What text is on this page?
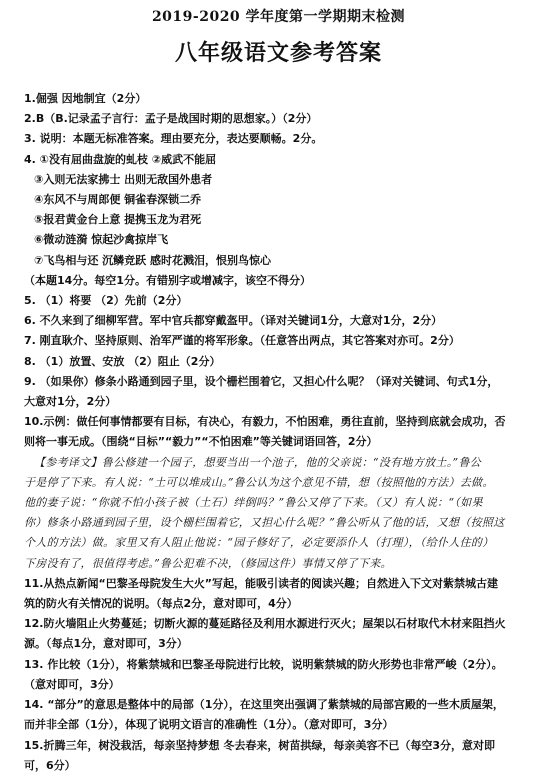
2019-2020 学年度第一学期期末检测
八年级语文参考答案
1.倔强 因地制宜（2分）
2.B（B.记录孟子言行：孟子是战国时期的思想家。）（2分）
3. 说明：本题无标准答案。理由要充分，表达要顺畅。2分。
4. ①没有屈曲盘旋的虬枝 ②威武不能屈
③入则无法家拂士 出则无敌国外患者
④东风不与周郎便 铜雀春深锁二乔
⑤报君黄金台上意 提携玉龙为君死
⑥微动涟漪 惊起沙禽掠岸飞
⑦飞鸟相与还 沉鳞竞跃 感时花溅泪，恨别鸟惊心
（本题14分。每空1分。有错别字或增减字，该空不得分）
5. （1）将要 （2）先前（2分）
6. 不久来到了细柳军营。军中官兵都穿戴盔甲。（译对关键词1分，大意对1分，2分）
7. 刚直耿介、坚持原则、治军严谨的将军形象。（任意答出两点，其它答案对亦可。2分）
8. （1）放置、安放 （2）阻止（2分）
9. （如果你）修条小路通到园子里，设个栅栏围着它，又担心什么呢？（译对关键词、句式1分，
大意对1分，2分）
10.示例：做任何事情都要有目标，有决心，有毅力，不怕困难，勇往直前，坚持到底就会成功，否
则将一事无成。（围绕“目标”“毅力”“不怕困难”等关键词语回答，2分）
【参考译文】鲁公修建一个园子，想要当出一个池子，他的父亲说：“没有地方放土。”鲁公
于是停了下来。有人说：“土可以堆成山。”鲁公认为这个意见不错，想（按照他的方法）去做。
他的妻子说：“你就不怕小孩子被（土石）绊倒吗？”鲁公又停了下来。（又）有人说：“（如果
你）修条小路通到园子里，设个栅栏围着它，又担心什么呢？”鲁公听从了他的话，又想（按照这
个人的方法）做。家里又有人阻止他说：“园子修好了，必定要添仆人（打理），（给仆人住的）
下房没有了，很值得考虑。”鲁公犯难不决，（修园这件）事情又停了下来。
11.从热点新闻“巴黎圣母院发生大火”写起，能吸引读者的阅读兴趣；自然进入下文对紫禁城古建
筑的防火有关情况的说明。（每点2分，意对即可，4分）
12.防火墙阻止火势蔓延；切断火源的蔓延路径及利用水源进行灭火；屋架以石材取代木材来阻挡火
源。（每点1分，意对即可，3分）
13. 作比较（1分），将紫禁城和巴黎圣母院进行比较，说明紫禁城的防火形势也非常严峻（2分）。
（意对即可，3分）
14. “部分”的意思是整体中的局部（1分），在这里突出强调了紫禁城的局部宫殿的一些木质屋架，
而并非全部（1分），体现了说明文语言的准确性（1分）。（意对即可，3分）
15.折腾三年，树没栽活，每亲坚持梦想 冬去春来，树苗拱绿，每亲美容不已（每空3分，意对即
可，6分）
